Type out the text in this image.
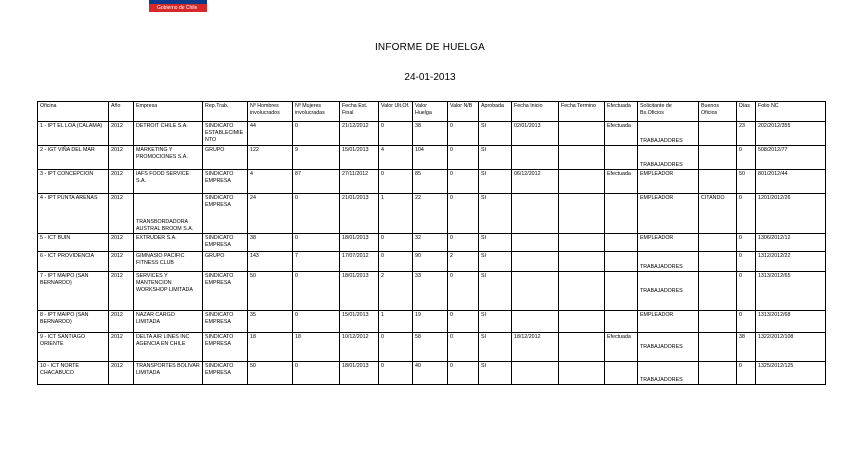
Gobierno de Chile
INFORME DE HUELGA
24-01-2013
Oficina	Año	Empresa	Rep.Trab.	Nº Hombres involucrados	Nº Mujeres involucradas	Fecha Est. Final	Valor Ult.Of.	Valor Huelga	Valor N/B	Aprobada	Fecha Inicio	Fecha Termino	Efectuada	Solicitante de Bs.Oficios	Buenos Oficios	Días	Folio NC
1 - IPT EL LOA (CALAMA)	2012	DETROIT CHILE S.A.	SINDICATO ESTABLECIMIENTO	44	0	21/12/2012	0	38	0	SI	02/01/2013		Efectuada	TRABAJADORES		23	202/2012/355
2 - IGT VIÑA DEL MAR	2012	MARKETING Y PROMOCIONES S.A.	GRUPO	122	9	15/01/2013	4	104	0	SI				TRABAJADORES		0	508/2012/77
3 - IPT CONCEPCION	2012	IAFS FOOD SERVICE S.A.	SINDICATO EMPRESA	4	87	27/11/2012	0	85	0	SI	06/12/2012		Efectuada	EMPLEADOR		50	801/2012/44
4 - IPT PUNTA ARENAS	2012	TRANSBORDADORA AUSTRAL BROOM S.A.	SINDICATO EMPRESA	24	0	21/01/2013	1	22	0	SI				EMPLEADOR	CITANDO	0	1201/2012/26
5 - ICT BUIN	2012	EXTRUDER S.A.	SINDICATO EMPRESA	38	0	18/01/2013	0	32	0	SI				EMPLEADOR		0	1306/2012/12
6 - ICT PROVIDENCIA	2012	GIMNASIO PACIFIC FITNESS CLUB	GRUPO	143	7	17/07/2012	0	90	2	SI				TRABAJADORES		0	1312/2012/22
7 - IPT MAIPO (SAN BERNARDO)	2012	SERVICES Y MANTENCION WORKSHOP LIMITADA	SINDICATO EMPRESA	50	0	18/01/2013	2	33	0	SI				TRABAJADORES		0	1313/2012/65
8 - IPT MAIPO (SAN BERNARDO)	2012	NAZAR CARGO LIMITADA	SINDICATO EMPRESA	35	0	15/01/2013	1	19	0	SI				EMPLEADOR		0	1313/2012/68
9 - ICT SANTIAGO ORIENTE	2012	DELTA AIR LINES INC AGENCIA EN CHILE	SINDICATO EMPRESA	18	18	10/12/2012	0	58	0	SI	18/12/2012		Efectuada	TRABAJADORES		38	1322/2012/108
10 - ICT NORTE CHACABUCO	2012	TRANSPORTES BOLIVAR LIMITADA	SINDICATO EMPRESA	50	0	18/01/2013	0	40	0	SI				TRABAJADORES		0	1325/2012/125
